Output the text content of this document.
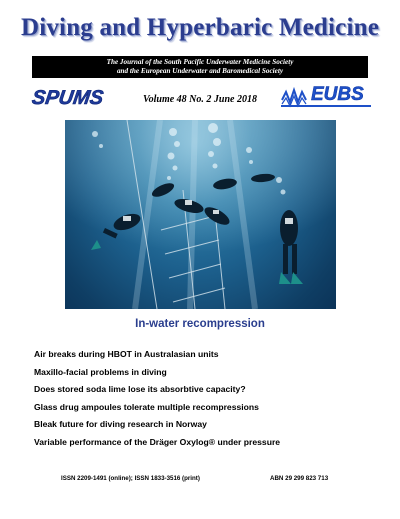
Diving and Hyperbaric Medicine
The Journal of the South Pacific Underwater Medicine Society
and the European Underwater and Baromedical Society
SPUMS	Volume 48 No. 2 June 2018	EUBS
In-water recompression
Air breaks during HBOT in Australasian units
Maxillo-facial problems in diving
Does stored soda lime lose its absorbtive capacity?
Glass drug ampoules tolerate multiple recompressions
Bleak future for diving research in Norway
Variable performance of the Dräger Oxylog® under pressure
ISSN 2209-1491 (online); ISSN 1833-3516 (print)	ABN 29 299 823 713
